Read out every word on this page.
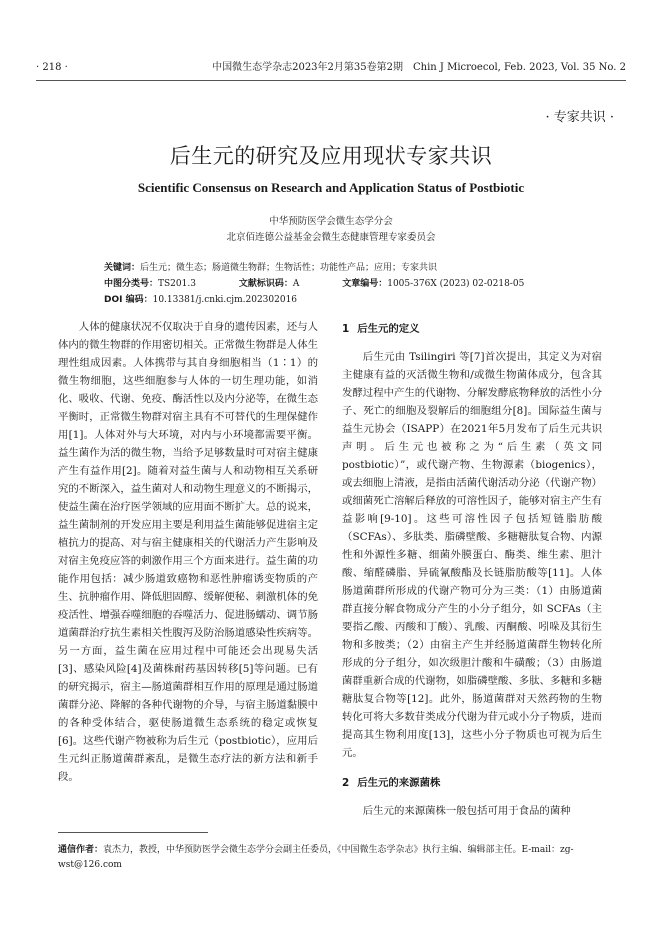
· 218 ·	中国微生态学杂志2023年2月第35卷第2期　Chin J Microecol, Feb. 2023, Vol. 35 No. 2
· 专家共识 ·
后生元的研究及应用现状专家共识
Scientific Consensus on Research and Application Status of Postbiotic
中华预防医学会微生态学分会
北京佰连德公益基金会微生态健康管理专家委员会
关键词：后生元；微生态；肠道微生物群；生物活性；功能性产品；应用；专家共识
中图分类号：TS201.3	文献标识码：A	文章编号：1005-376X (2023) 02-0218-05
DOI 编码：10.13381/j.cnki.cjm.202302016

人体的健康状况不仅取决于自身的遗传因素，还与人体内的微生物群的作用密切相关。正常微生物群是人体生理性组成因素。人体携带与其自身细胞相当（1∶1）的微生物细胞，这些细胞参与人体的一切生理功能，如消化、吸收、代谢、免疫、酶活性以及内分泌等，在微生态平衡时，正常微生物群对宿主具有不可替代的生理保健作用[1]。人体对外与大环境，对内与小环境都需要平衡。益生菌作为活的微生物，当给予足够数量时可对宿主健康产生有益作用[2]。随着对益生菌与人和动物相互关系研究的不断深入，益生菌对人和动物生理意义的不断揭示，使益生菌在治疗医学领域的应用面不断扩大。总的说来，益生菌制剂的开发应用主要是利用益生菌能够促进宿主定植抗力的提高、对与宿主健康相关的代谢活力产生影响及对宿主免疫应答的刺激作用三个方面来进行。益生菌的功能作用包括：减少肠道致癌物和恶性肿瘤诱变物质的产生、抗肿瘤作用、降低胆固醇、缓解便秘、刺激机体的免疫活性、增强吞噬细胞的吞噬活力、促进肠蠕动、调节肠道菌群治疗抗生素相关性腹泻及防治肠道感染性疾病等。另一方面，益生菌在应用过程中可能还会出现易失活[3]、感染风险[4]及菌株耐药基因转移[5]等问题。已有的研究揭示，宿主—肠道菌群相互作用的原理是通过肠道菌群分泌、降解的各种代谢物的介导，与宿主肠道黏膜中的各种受体结合，驱使肠道微生态系统的稳定或恢复[6]。这些代谢产物被称为后生元（postbiotic），应用后生元纠正肠道菌群紊乱，是微生态疗法的新方法和新手段。

1 后生元的定义

后生元由 Tsilingiri 等[7]首次提出，其定义为对宿主健康有益的灭活微生物和/或微生物菌体成分，包含其发酵过程中产生的代谢物、分解发酵底物释放的活性小分子、死亡的细胞及裂解后的细胞组分[8]。国际益生菌与益生元协会（ISAPP）在2021年5月发布了后生元共识声明。后生元也被称之为“后生素（英文同 postbiotic）”，或代谢产物、生物源素（biogenics），或去细胞上清液，是指由活菌代谢活动分泌（代谢产物）或细菌死亡溶解后释放的可溶性因子，能够对宿主产生有益影响[9-10]。这些可溶性因子包括短链脂肪酸（SCFAs）、多肽类、脂磷壁酸、多糖糖肽复合物、内源性和外源性多糖、细菌外膜蛋白、酶类、维生素、胆汁酸、缩醛磷脂、异硫氰酸酯及长链脂肪酸等[11]。人体肠道菌群所形成的代谢产物可分为三类：（1）由肠道菌群直接分解食物成分产生的小分子组分，如 SCFAs（主要指乙酸、丙酸和丁酸）、乳酸、丙酮酸、吲哚及其衍生物和多胺类；（2）由宿主产生并经肠道菌群生物转化所形成的分子组分，如次级胆汁酸和牛磺酸；（3）由肠道菌群重新合成的代谢物，如脂磷壁酸、多肽、多糖和多糖糖肽复合物等[12]。此外，肠道菌群对天然药物的生物转化可将大多数苷类成分代谢为苷元或小分子物质，进而提高其生物利用度[13]，这些小分子物质也可视为后生元。

2 后生元的来源菌株

后生元的来源菌株一般包括可用于食品的菌种

通信作者：袁杰力，教授，中华预防医学会微生态学分会副主任委员，《中国微生态学杂志》执行主编、编辑部主任。E-mail：zg-wst@126.com
